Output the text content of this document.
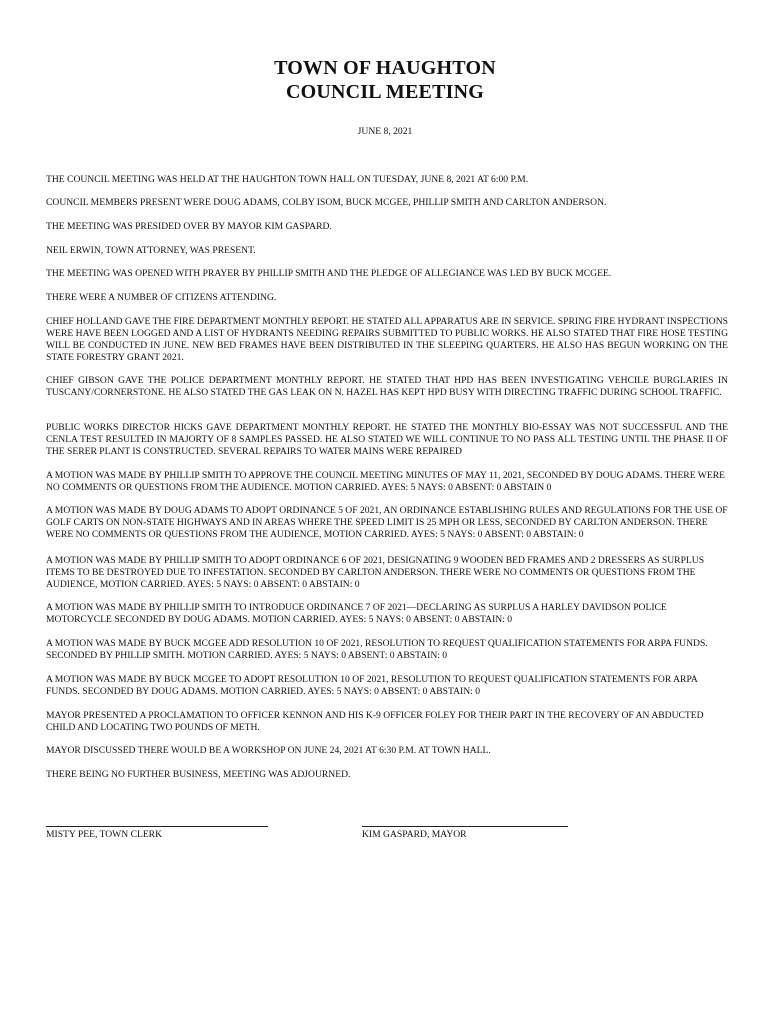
TOWN OF HAUGHTON
COUNCIL MEETING
JUNE 8, 2021

THE COUNCIL MEETING WAS HELD AT THE HAUGHTON TOWN HALL ON TUESDAY, JUNE 8, 2021 AT 6:00 P.M.

COUNCIL MEMBERS PRESENT WERE DOUG ADAMS, COLBY ISOM, BUCK MCGEE, PHILLIP SMITH AND CARLTON ANDERSON.

THE MEETING WAS PRESIDED OVER BY MAYOR KIM GASPARD.

NEIL ERWIN, TOWN ATTORNEY, WAS PRESENT.

THE MEETING WAS OPENED WITH PRAYER BY PHILLIP SMITH AND THE PLEDGE OF ALLEGIANCE WAS LED BY BUCK MCGEE.

THERE WERE A NUMBER OF CITIZENS ATTENDING.

CHIEF HOLLAND GAVE THE FIRE DEPARTMENT MONTHLY REPORT. HE STATED ALL APPARATUS ARE IN SERVICE. SPRING FIRE HYDRANT INSPECTIONS WERE HAVE BEEN LOGGED AND A LIST OF HYDRANTS NEEDING REPAIRS SUBMITTED TO PUBLIC WORKS. HE ALSO STATED THAT FIRE HOSE TESTING WILL BE CONDUCTED IN JUNE. NEW BED FRAMES HAVE BEEN DISTRIBUTED IN THE SLEEPING QUARTERS. HE ALSO HAS BEGUN WORKING ON THE STATE FORESTRY GRANT 2021.

CHIEF GIBSON GAVE THE POLICE DEPARTMENT MONTHLY REPORT. HE STATED THAT HPD HAS BEEN INVESTIGATING VEHCILE BURGLARIES IN TUSCANY/CORNERSTONE. HE ALSO STATED THE GAS LEAK ON N. HAZEL HAS KEPT HPD BUSY WITH DIRECTING TRAFFIC DURING SCHOOL TRAFFIC.

PUBLIC WORKS DIRECTOR HICKS GAVE DEPARTMENT MONTHLY REPORT. HE STATED THE MONTHLY BIO-ESSAY WAS NOT SUCCESSFUL AND THE CENLA TEST RESULTED IN MAJORTY OF 8 SAMPLES PASSED. HE ALSO STATED WE WILL CONTINUE TO NO PASS ALL TESTING UNTIL THE PHASE II OF THE SERER PLANT IS CONSTRUCTED. SEVERAL REPAIRS TO WATER MAINS WERE REPAIRED

A MOTION WAS MADE BY PHILLIP SMITH TO APPROVE THE COUNCIL MEETING MINUTES OF MAY 11, 2021, SECONDED BY DOUG ADAMS. THERE WERE NO COMMENTS OR QUESTIONS FROM THE AUDIENCE. MOTION CARRIED. AYES: 5 NAYS: 0 ABSENT: 0 ABSTAIN 0

A MOTION WAS MADE BY DOUG ADAMS TO ADOPT ORDINANCE 5 OF 2021, AN ORDINANCE ESTABLISHING RULES AND REGULATIONS FOR THE USE OF GOLF CARTS ON NON-STATE HIGHWAYS AND IN AREAS WHERE THE SPEED LIMIT IS 25 MPH OR LESS, SECONDED BY CARLTON ANDERSON. THERE WERE NO COMMENTS OR QUESTIONS FROM THE AUDIENCE, MOTION CARRIED. AYES: 5 NAYS: 0 ABSENT: 0 ABSTAIN: 0

A MOTION WAS MADE BY PHILLIP SMITH TO ADOPT ORDINANCE 6 OF 2021, DESIGNATING 9 WOODEN BED FRAMES AND 2 DRESSERS AS SURPLUS ITEMS TO BE DESTROYED DUE TO INFESTATION. SECONDED BY CARLTON ANDERSON. THERE WERE NO COMMENTS OR QUESTIONS FROM THE AUDIENCE, MOTION CARRIED. AYES: 5 NAYS: 0 ABSENT: 0 ABSTAIN: 0

A MOTION WAS MADE BY PHILLIP SMITH TO INTRODUCE ORDINANCE 7 OF 2021—DECLARING AS SURPLUS A HARLEY DAVIDSON POLICE MOTORCYCLE SECONDED BY DOUG ADAMS. MOTION CARRIED. AYES: 5 NAYS: 0 ABSENT: 0 ABSTAIN: 0

A MOTION WAS MADE BY BUCK MCGEE ADD RESOLUTION 10 OF 2021, RESOLUTION TO REQUEST QUALIFICATION STATEMENTS FOR ARPA FUNDS. SECONDED BY PHILLIP SMITH. MOTION CARRIED. AYES: 5 NAYS: 0 ABSENT: 0 ABSTAIN: 0

A MOTION WAS MADE BY BUCK MCGEE TO ADOPT RESOLUTION 10 OF 2021, RESOLUTION TO REQUEST QUALIFICATION STATEMENTS FOR ARPA FUNDS. SECONDED BY DOUG ADAMS. MOTION CARRIED. AYES: 5 NAYS: 0 ABSENT: 0 ABSTAIN: 0

MAYOR PRESENTED A PROCLAMATION TO OFFICER KENNON AND HIS K-9 OFFICER FOLEY FOR THEIR PART IN THE RECOVERY OF AN ABDUCTED CHILD AND LOCATING TWO POUNDS OF METH.

MAYOR DISCUSSED THERE WOULD BE A WORKSHOP ON JUNE 24, 2021 AT 6:30 P.M. AT TOWN HALL.

THERE BEING NO FURTHER BUSINESS, MEETING WAS ADJOURNED.

MISTY PEE, TOWN CLERK	KIM GASPARD, MAYOR
